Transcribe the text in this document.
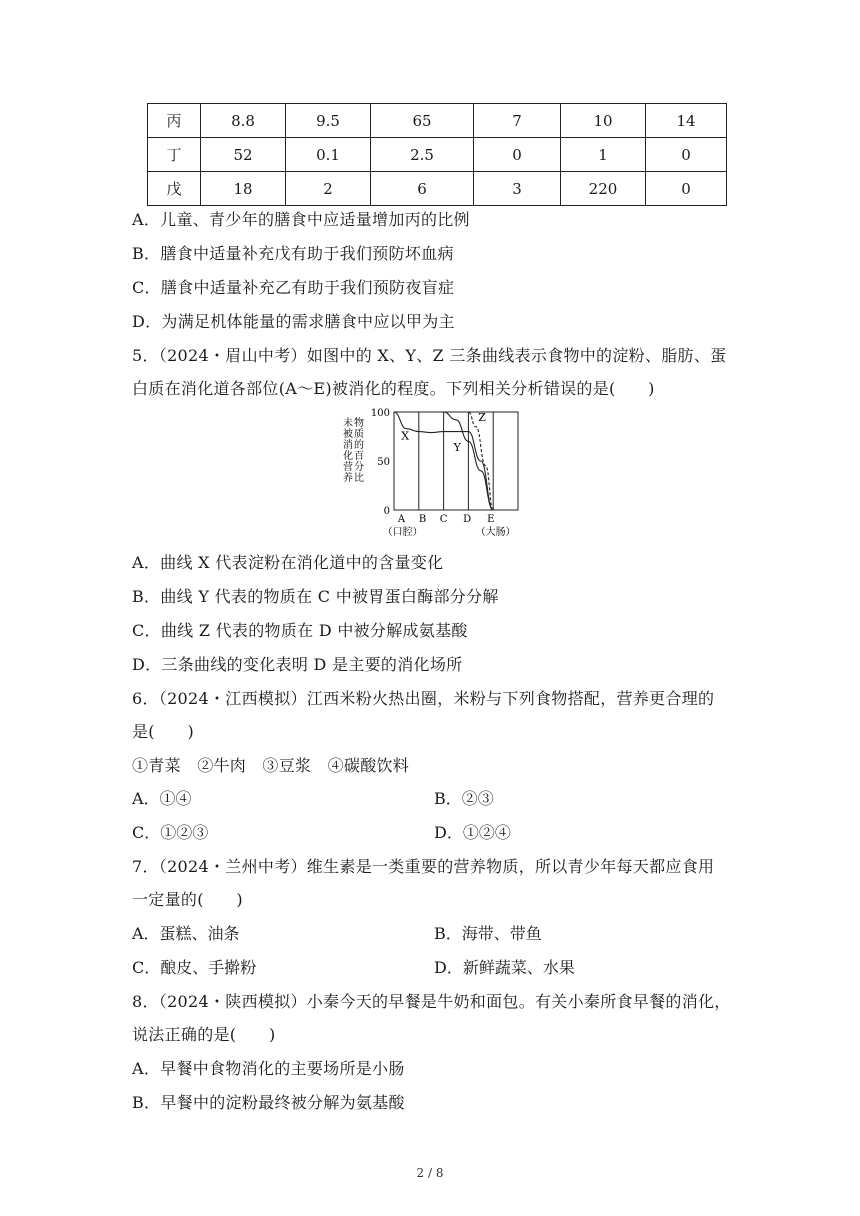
丙	8.8	9.5	65	7	10	14
丁	52	0.1	2.5	0	1	0
戊	18	2	6	3	220	0
A．儿童、青少年的膳食中应适量增加丙的比例
B．膳食中适量补充戊有助于我们预防坏血病
C．膳食中适量补充乙有助于我们预防夜盲症
D．为满足机体能量的需求膳食中应以甲为主
5．（2024・眉山中考）如图中的 X、Y、Z 三条曲线表示食物中的淀粉、脂肪、蛋
白质在消化道各部位(A～E)被消化的程度。下列相关分析错误的是(　　)
100
50
0
未
被
消
化
营
养
物
质
的
百
分
比
A B C D E
（口腔）	（大肠）
X
Y
Z
A．曲线 X 代表淀粉在消化道中的含量变化
B．曲线 Y 代表的物质在 C 中被胃蛋白酶部分分解
C．曲线 Z 代表的物质在 D 中被分解成氨基酸
D．三条曲线的变化表明 D 是主要的消化场所
6．（2024・江西模拟）江西米粉火热出圈，米粉与下列食物搭配，营养更合理的
是(　　)
①青菜　②牛肉　③豆浆　④碳酸饮料
A．①④	B．②③
C．①②③	D．①②④
7．（2024・兰州中考）维生素是一类重要的营养物质，所以青少年每天都应食用
一定量的(　　)
A．蛋糕、油条	B．海带、带鱼
C．酿皮、手擀粉	D．新鲜蔬菜、水果
8．（2024・陕西模拟）小秦今天的早餐是牛奶和面包。有关小秦所食早餐的消化，
说法正确的是(　　)
A．早餐中食物消化的主要场所是小肠
B．早餐中的淀粉最终被分解为氨基酸
2 / 8
